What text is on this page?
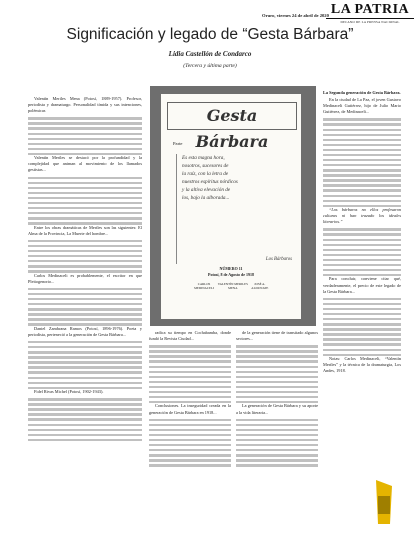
Oruro, viernes 24 de abril de 2020 LA PATRIA
DECANO DE LA PRENSA NACIONAL
Significación y legado de “Gesta Bárbara”
Lidia Castellón de Condarco
(Tercera y última parte)

Valentín Meriles Mena (Potosí, 1889-1957). Profesor, periodista y dramaturgo. Personalidad tímida y sus intenciones, polémicas

Valentín Meriles se destacó por la profundidad y la complejidad que animan al movimiento de los llamados gestistas...

Entre los obras dramáticas de Meriles son las siguientes: El Alma de la Provincia, La Muerte del hombre...

Carlos Medinaceli es probablemente, el escritor en que Pleitogenorio...

Daniel Zambrana Ramos (Potosí, 1896-1976). Poeta y periodista, perteneció a la generación de Gesta Bárbara...

Fidel Rivas Michel (Potosí, 1902-1943).

Gesta Bárbara
Parte
Es esta magna hora,
nosotros, sucesores de
la raíz, con la letra de
nuestros espíritus nórdicos
y la altiva elevación de
los, bajo la alborada...
Los Bárbaros
NÚMERO 11
Potosí, 8 de Agosto de 1918
CARLOS MEDINACELI
VALENTÍN MERILES MENA
JOSÉ A. ALDUNATE

radica su tiempo en Cochabamba, donde fundó la Revista Ciudad...

Conclusiones. La inseguridad creada en la generación de Gesta Bárbara en 1918...

de la generación tiene de transitado algunos sectores...

La generación de Gesta Bárbara y su aporte a la vida literaria...

La Segunda generación de Gesta Bárbara.

En la ciudad de La Paz, el joven Gustavo Medinaceli Gutiérrez, hijo de Julio Mario Gutiérrez, de Medinaceli...

“Los bárbaros no ellos profesaron culturas ni han trazado los ideales literarios.”

Para concluir, conviene citar qué, verdaderamente, el precio de este legado de la Gesta Bárbara...

Notas: Carlos Medinaceli, “Valentín Meriles” y la técnica de la dramaturgia, Los Andes, 1918.
